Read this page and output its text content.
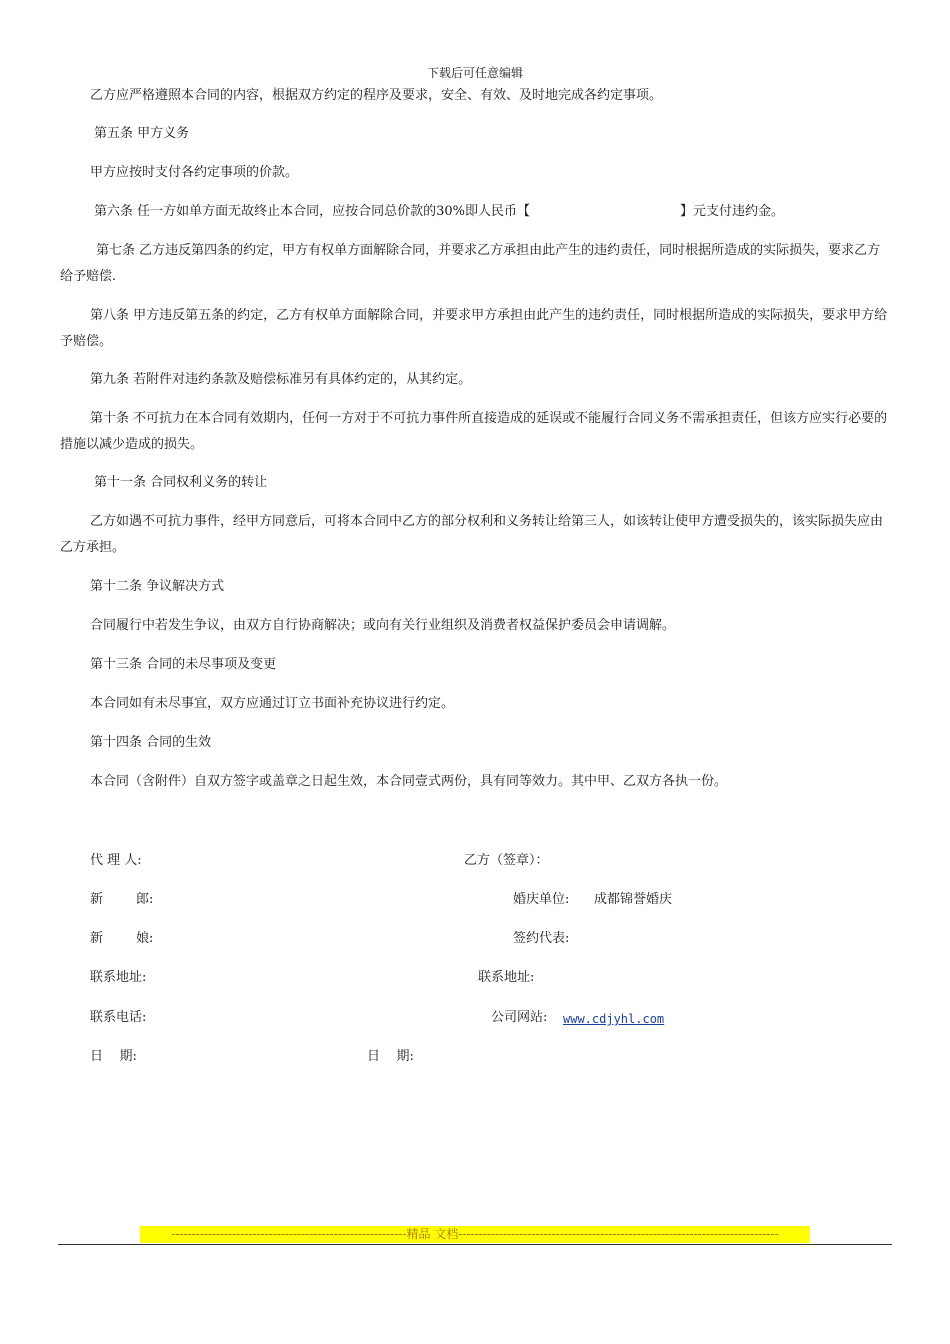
下载后可任意编辑
乙方应严格遵照本合同的内容，根据双方约定的程序及要求，安全、有效、及时地完成各约定事项。
第五条 甲方义务
甲方应按时支付各约定事项的价款。
第六条 任一方如单方面无故终止本合同，应按合同总价款的30%即人民币【	】元支付违约金。
第七条 乙方违反第四条的约定，甲方有权单方面解除合同，并要求乙方承担由此产生的违约责任，同时根据所造成的实际损失，要求乙方给予赔偿.
第八条 甲方违反第五条的约定，乙方有权单方面解除合同，并要求甲方承担由此产生的违约责任，同时根据所造成的实际损失，要求甲方给予赔偿。
第九条 若附件对违约条款及赔偿标准另有具体约定的，从其约定。
第十条 不可抗力在本合同有效期内，任何一方对于不可抗力事件所直接造成的延误或不能履行合同义务不需承担责任，但该方应实行必要的措施以减少造成的损失。
第十一条 合同权利义务的转让
乙方如遇不可抗力事件，经甲方同意后，可将本合同中乙方的部分权利和义务转让给第三人，如该转让使甲方遭受损失的，该实际损失应由乙方承担。
第十二条 争议解决方式
合同履行中若发生争议，由双方自行协商解决；或向有关行业组织及消费者权益保护委员会申请调解。
第十三条 合同的未尽事项及变更
本合同如有未尽事宜，双方应通过订立书面补充协议进行约定。
第十四条 合同的生效
本合同（含附件）自双方签字或盖章之日起生效，本合同壹式两份，具有同等效力。其中甲、乙双方各执一份。
代 理 人:	乙方（签章）：
新        郎:	婚庆单位: 成都锦誉婚庆
新        娘:	签约代表:
联系地址:	联系地址:
联系电话:	公司网站: www.cdjyhl.com
日    期:	日    期:
----------------------------------------------------------精品 文档-------------------------------------------------------------------------------
